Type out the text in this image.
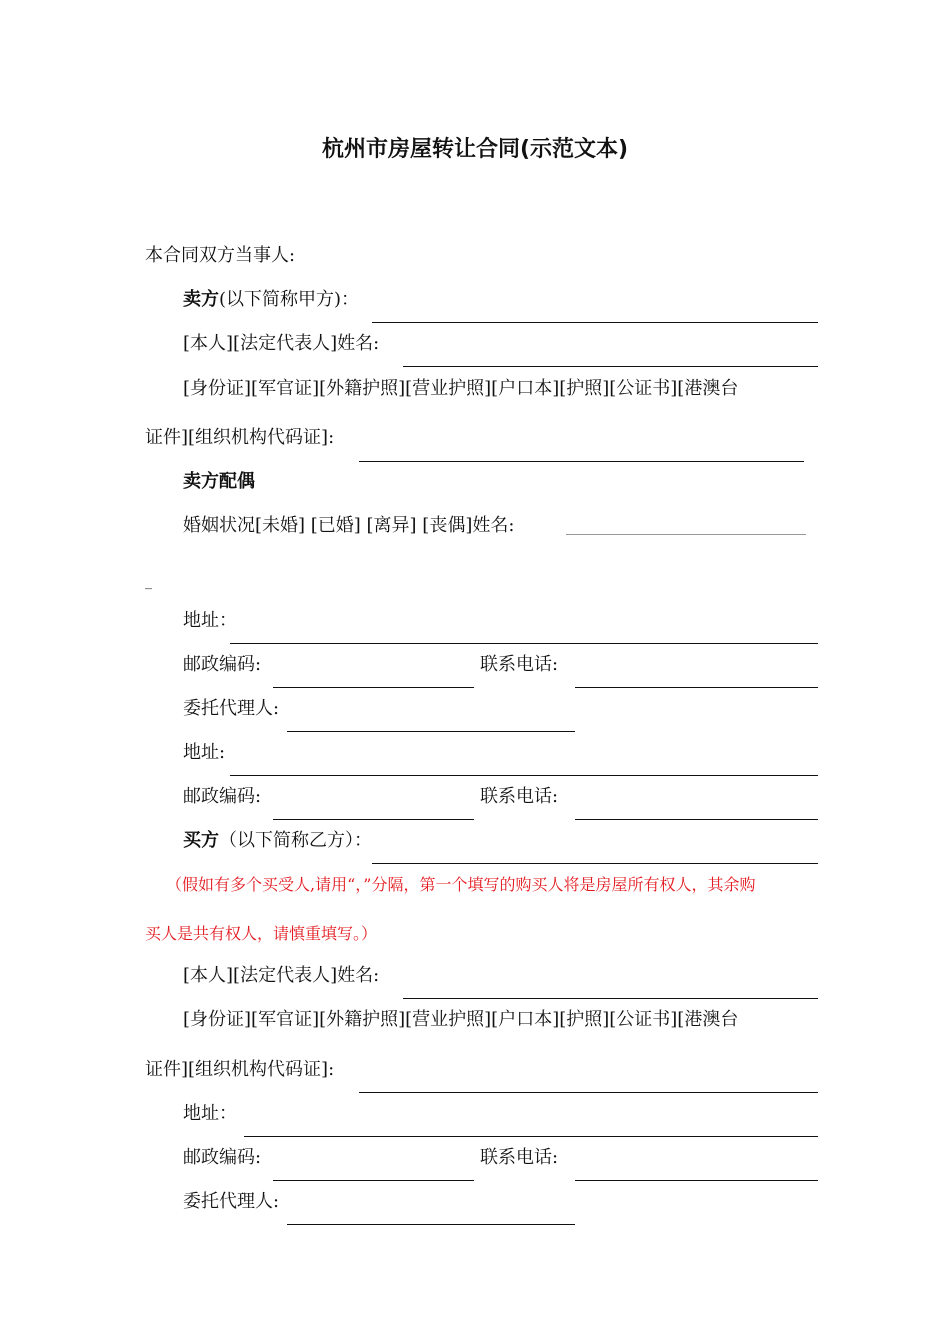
杭州市房屋转让合同(示范文本)
本合同双方当事人:
卖方(以下简称甲方)：
[本人][法定代表人]姓名:
[身份证][军官证][外籍护照][营业护照][户口本][护照][公证书][港澳台
证件][组织机构代码证]:
卖方配偶
婚姻状况[未婚] [已婚] [离异] [丧偶]姓名:
_
地址：
邮政编码:	联系电话:
委托代理人:
地址:
邮政编码:	联系电话:
买方（以下简称乙方）：
（假如有多个买受人,请用“，”分隔，第一个填写的购买人将是房屋所有权人，其余购
买人是共有权人，请慎重填写。）
[本人][法定代表人]姓名:
[身份证][军官证][外籍护照][营业护照][户口本][护照][公证书][港澳台
证件][组织机构代码证]:
地址：
邮政编码:	联系电话:
委托代理人:
